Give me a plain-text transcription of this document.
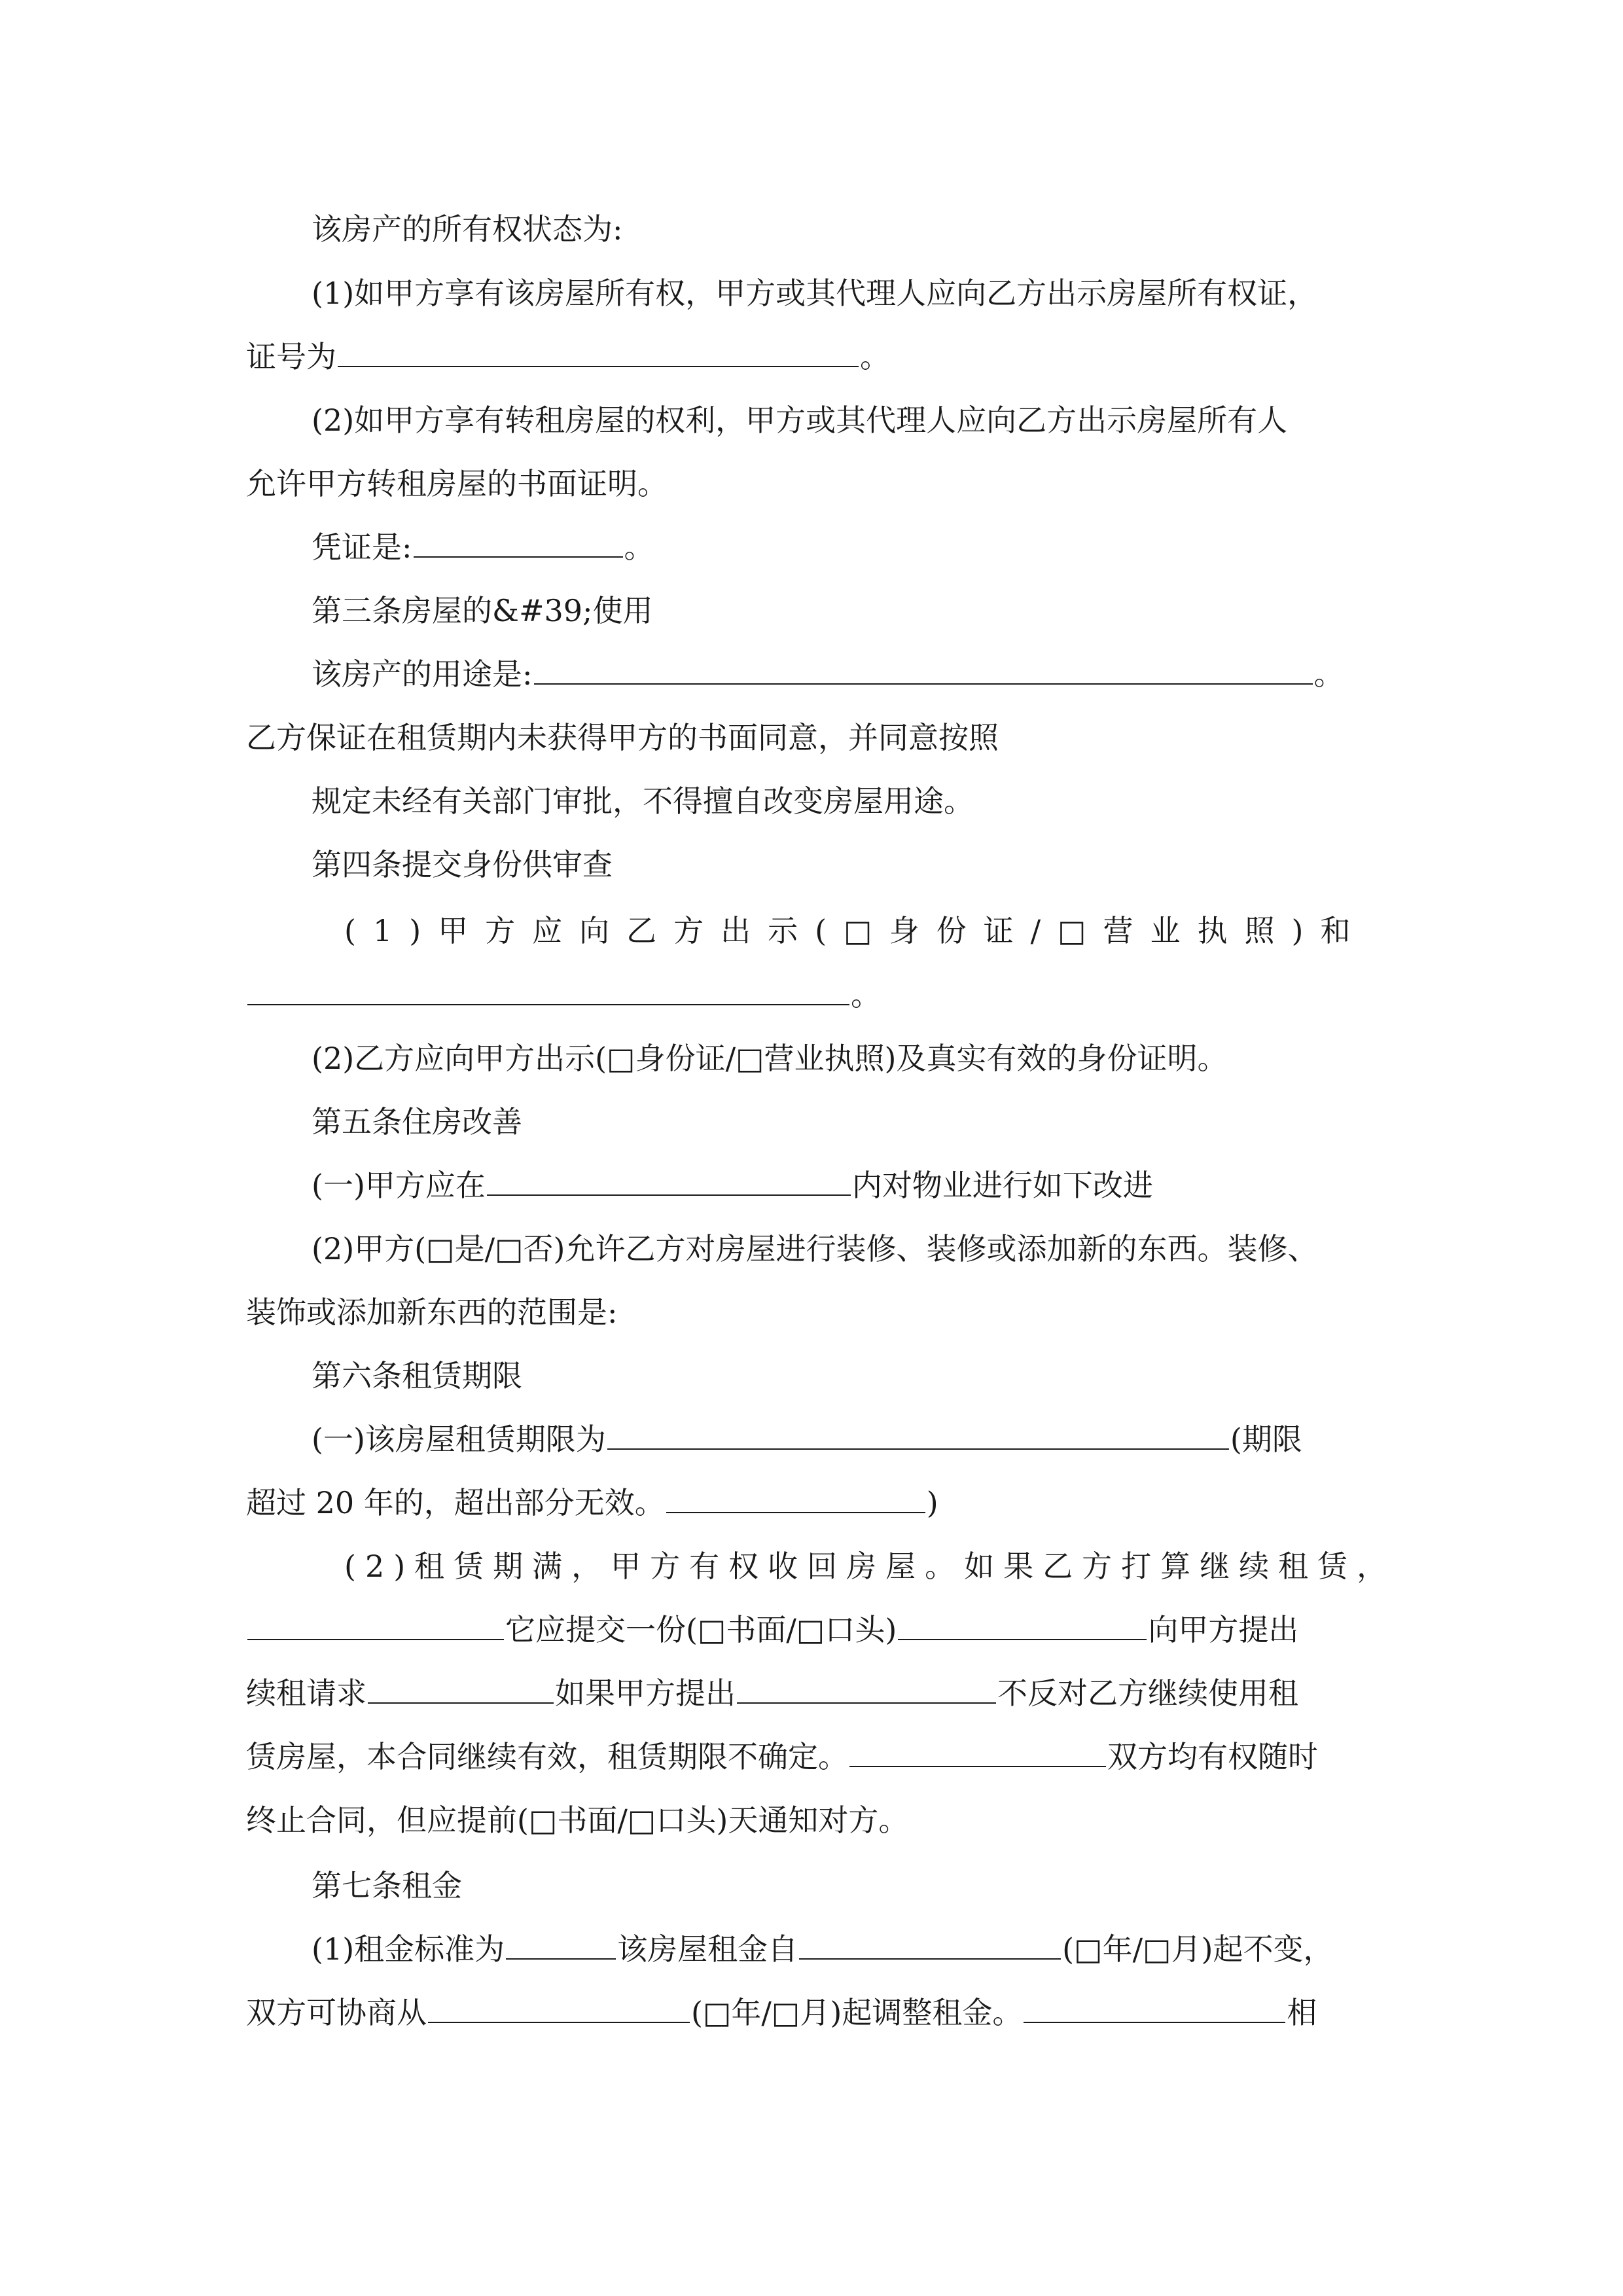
该房产的所有权状态为:

(1)如甲方享有该房屋所有权，甲方或其代理人应向乙方出示房屋所有权证，

证号为	。

(2)如甲方享有转租房屋的权利，甲方或其代理人应向乙方出示房屋所有人

允许甲方转租房屋的书面证明。

凭证是:	。

第三条房屋的&#39;使用

该房产的用途是:	。

乙方保证在租赁期内未获得甲方的书面同意，并同意按照

规定未经有关部门审批，不得擅自改变房屋用途。

第四条提交身份供审查

(1)甲方应向乙方出示(□身份证/□营业执照)和

。

(2)乙方应向甲方出示(□身份证/□营业执照)及真实有效的身份证明。

第五条住房改善

(一)甲方应在	内对物业进行如下改进

(2)甲方(□是/□否)允许乙方对房屋进行装修、装修或添加新的东西。装修、

装饰或添加新东西的范围是:

第六条租赁期限

(一)该房屋租赁期限为	(期限

超过 20 年的，超出部分无效。	)

(2)租赁期满，甲方有权收回房屋。如果乙方打算继续租赁，

它应提交一份(□书面/□口头)	向甲方提出

续租请求	如果甲方提出	不反对乙方继续使用租

赁房屋，本合同继续有效，租赁期限不确定。	双方均有权随时

终止合同，但应提前(□书面/□口头)天通知对方。

第七条租金

(1)租金标准为	该房屋租金自	(□年/□月)起不变，

双方可协商从	(□年/□月)起调整租金。	相
